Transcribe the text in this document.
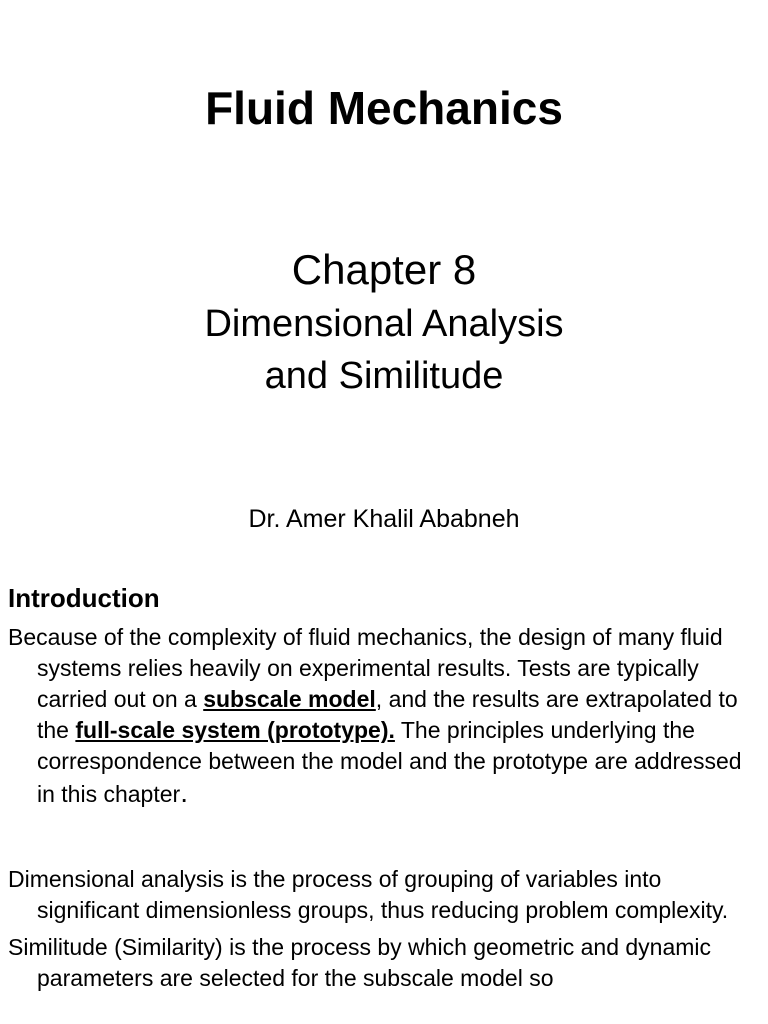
Fluid Mechanics
Chapter 8
Dimensional Analysis
and Similitude
Dr. Amer Khalil Ababneh
Introduction

Because of the complexity of fluid mechanics, the design of many fluid systems relies heavily on experimental results. Tests are typically carried out on a subscale model, and the results are extrapolated to the full-scale system (prototype). The principles underlying the correspondence between the model and the prototype are addressed in this chapter.

Dimensional analysis is the process of grouping of variables into significant dimensionless groups, thus reducing problem complexity.

Similitude (Similarity) is the process by which geometric and dynamic parameters are selected for the subscale model so
